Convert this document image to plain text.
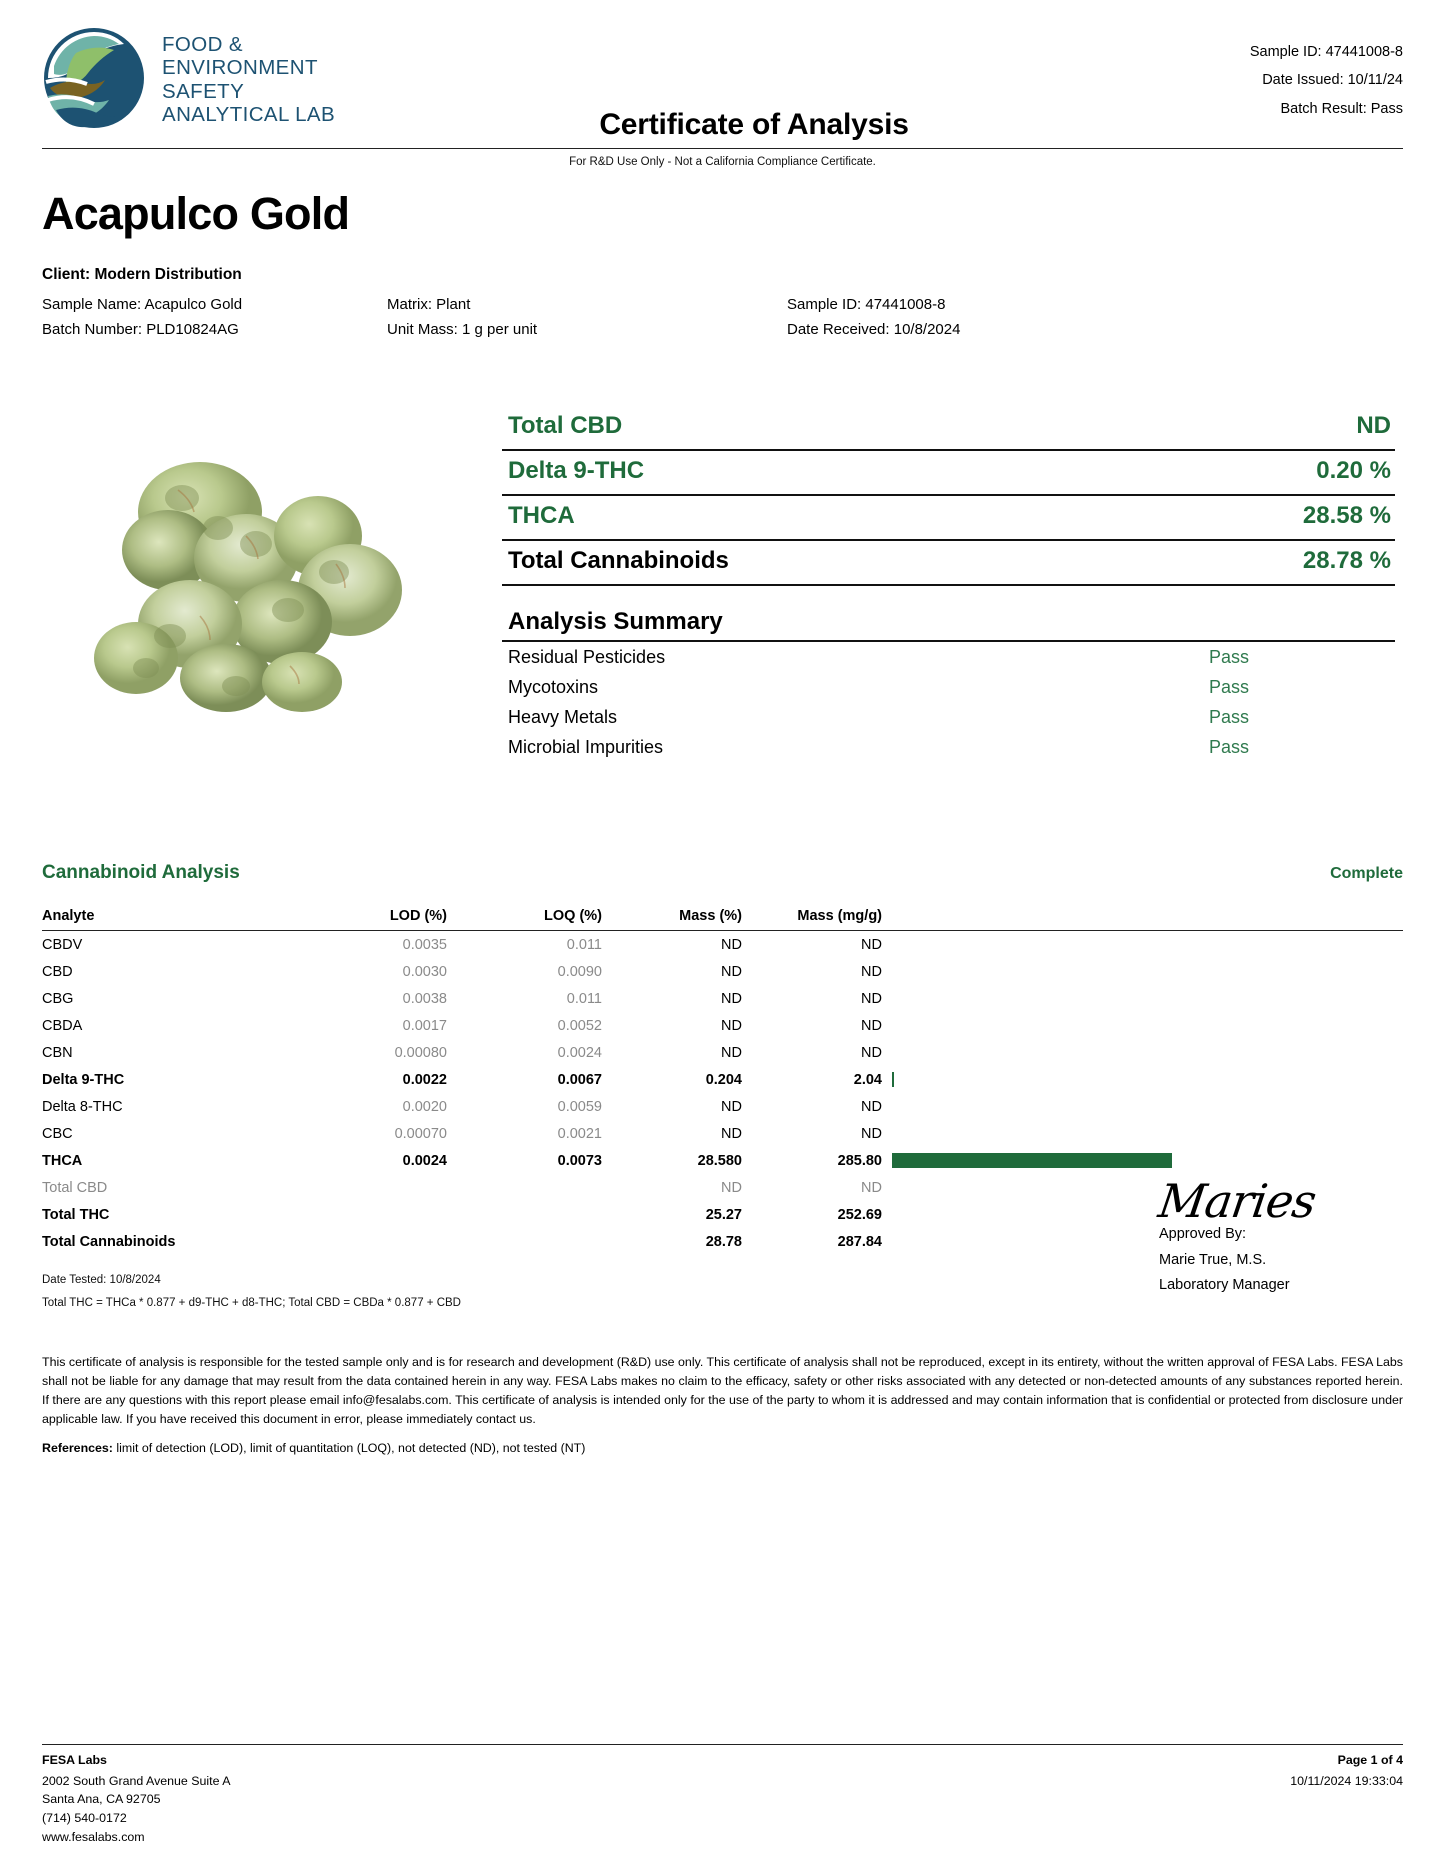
FOOD &
ENVIRONMENT
SAFETY
ANALYTICAL LAB	Certificate of Analysis
Sample ID: 47441008-8
Date Issued: 10/11/24
Batch Result: Pass
For R&D Use Only - Not a California Compliance Certificate.
Acapulco Gold
Client: Modern Distribution
Sample Name: Acapulco Gold	Matrix: Plant	Sample ID: 47441008-8
Batch Number: PLD10824AG	Unit Mass: 1 g per unit	Date Received: 10/8/2024
Total CBD	ND
Delta 9-THC	0.20 %
THCA	28.58 %
Total Cannabinoids	28.78 %
Analysis Summary
Residual Pesticides	Pass
Mycotoxins	Pass
Heavy Metals	Pass
Microbial Impurities	Pass
Cannabinoid Analysis	Complete
Analyte	LOD (%)	LOQ (%)	Mass (%)	Mass (mg/g)	
CBDV	0.0035	0.011	ND	ND	
CBD	0.0030	0.0090	ND	ND	
CBG	0.0038	0.011	ND	ND	
CBDA	0.0017	0.0052	ND	ND	
CBN	0.00080	0.0024	ND	ND	
Delta 9-THC	0.0022	0.0067	0.204	2.04	

Delta 8-THC	0.0020	0.0059	ND	ND	
CBC	0.00070	0.0021	ND	ND	
THCA	0.0024	0.0073	28.580	285.80	

Total CBD			ND	ND	
Total THC			25.27	252.69	
Total Cannabinoids			28.78	287.84	
Maries
Approved By:
Marie True, M.S.
Laboratory Manager
Date Tested: 10/8/2024
Total THC = THCa * 0.877 + d9-THC + d8-THC; Total CBD = CBDa * 0.877 + CBD
This certificate of analysis is responsible for the tested sample only and is for research and development (R&D) use only. This certificate of analysis shall not be reproduced, except in its entirety, without the written approval of FESA Labs. FESA Labs shall not be liable for any damage that may result from the data contained herein in any way. FESA Labs makes no claim to the efficacy, safety or other risks associated with any detected or non-detected amounts of any substances reported herein. If there are any questions with this report please email info@fesalabs.com. This certificate of analysis is intended only for the use of the party to whom it is addressed and may contain information that is confidential or protected from disclosure under applicable law. If you have received this document in error, please immediately contact us.
References: limit of detection (LOD), limit of quantitation (LOQ), not detected (ND), not tested (NT)
FESA Labs
2002 South Grand Avenue Suite A
Santa Ana, CA 92705
(714) 540-0172
www.fesalabs.com
Page 1 of 4
10/11/2024 19:33:04
